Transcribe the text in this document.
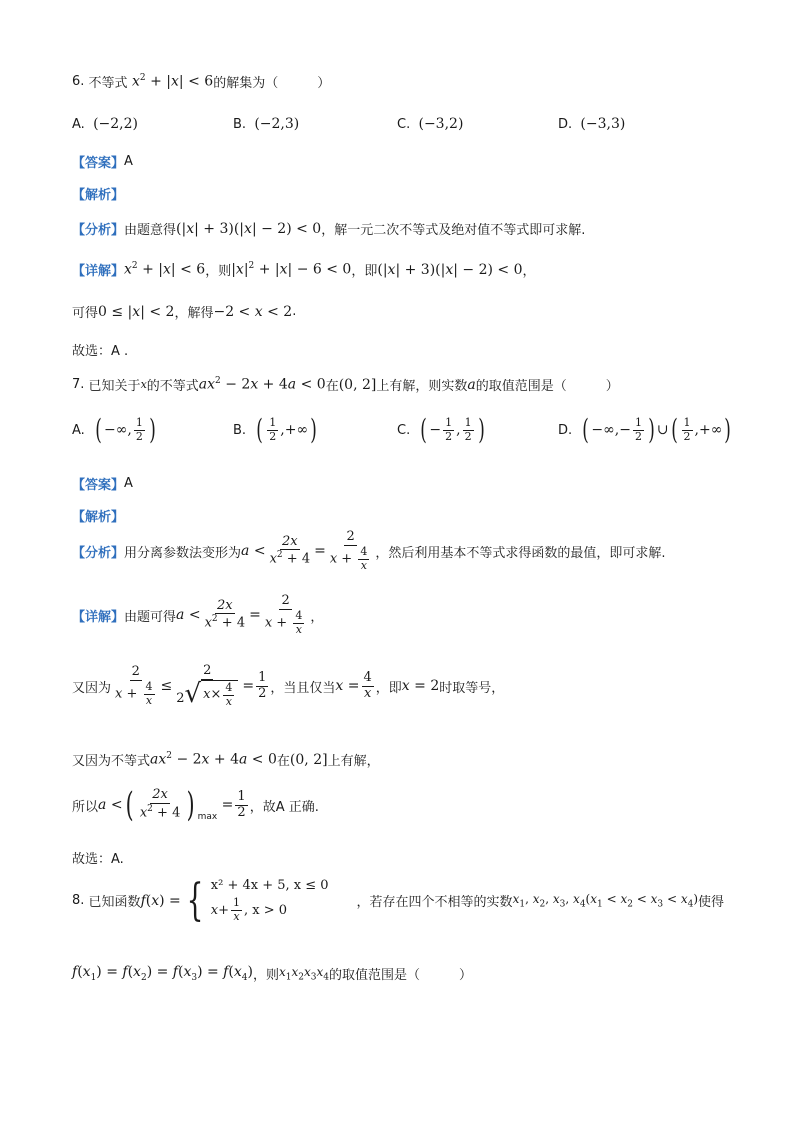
6.
不等式 $x^2 + |x| < 6$ 的解集为（　　　）
A.
(−2,2)	B.
(−2,3)	C.
(−3,2)	D.
(−3,3)
【答案】 A
【解析】
【分析】 由题意得 (|x| + 3)(|x| − 2) < 0 ，解一元二次不等式及绝对值不等式即可求解.
【详解】 $x^2 + |x| < 6$ ，则 $|x|^2 + |x| - 6 < 0$ ，即 (|x| + 3)(|x| − 2) < 0 ，
可得 0 ≤ |x| < 2 ，解得 −2 < x < 2 .
故选：A .
7.
已知关于 x 的不等式 $ax^2 - 2x + 4a < 0$ 在 (0, 2] 上有解，则实数 a 的取值范围是（　　　）
A.
( −∞, $\frac{1}{2}$ )	B.
( $\frac{1}{2}$ ,+∞ )	C.
( − $\frac{1}{2}$ , $\frac{1}{2}$ )	D.
( −∞,− $\frac{1}{2}$ ) ∪ ( $\frac{1}{2}$ ,+∞ )
【答案】 A
【解析】
【分析】 用分离参数法变形为 $a < \frac{2x}{x^2 + 4} = \frac{2}{x + \frac{4}{x}}$ ，然后利用基本不等式求得函数的最值，即可求解.
【详解】 由题可得 $a < \frac{2x}{x^2 + 4} = \frac{2}{x + \frac{4}{x}}$ ，
又因为 $\frac{2}{x + \frac{4}{x}} \le \frac{2}{2 √ x \times \frac{4}{x}} = \frac{1}{2}$ ，当且仅当 $x = \frac{4}{x}$ ，即 x = 2 时取等号，
又因为不等式 $ax^2 - 2x + 4a < 0$ 在 (0, 2] 上有解，
所以 a < ( $\frac{2x}{x^2 + 4}$ ) $_{max}$
= $\frac{1}{2}$ ，故A 正确.
故选：A.
8.
已知函数 f(x) = { x² + 4x + 5, x ≤ 0
$x + \frac{1}{x}$ , x > 0	，若存在四个不相等的实数 $x_1$, $x_2$, $x_3$, $x_4(x_1 < x_2 < x_3 < x_4)$ 使得
$f(x_1) = f(x_2) = f(x_3) = f(x_4)$ ，则 $x_1x_2x_3x_4$ 的取值范围是（　　　）
